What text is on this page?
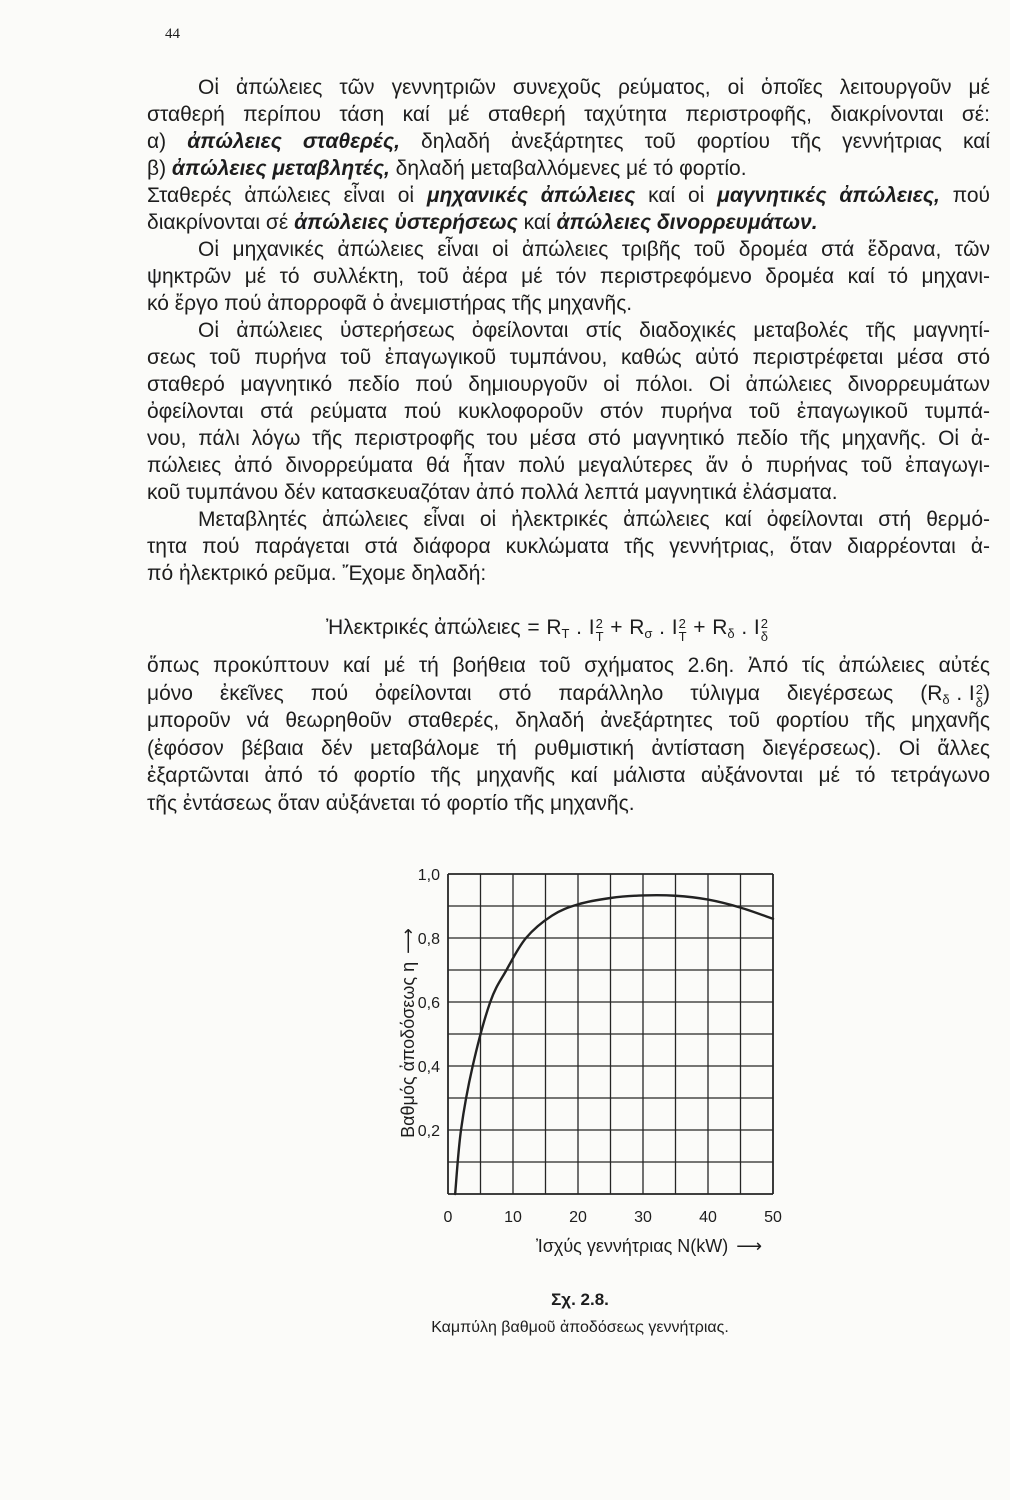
44
Οἱ ἀπώλειες τῶν γεννητριῶν συνεχοῦς ρεύματος, οἱ ὁποῖες λειτουργοῦν μέ
σταθερή περίπου τάση καί μέ σταθερή ταχύτητα περιστροφῆς, διακρίνονται σέ:
α) ἀπώλειες σταθερές, δηλαδή ἀνεξάρτητες τοῦ φορτίου τῆς γεννήτριας καί
β) ἀπώλειες μεταβλητές, δηλαδή μεταβαλλόμενες μέ τό φορτίο.
Σταθερές ἀπώλειες εἶναι οἱ μηχανικές ἀπώλειες καί οἱ μαγνητικές ἀπώλειες, πού
διακρίνονται σέ ἀπώλειες ὑστερήσεως καί ἀπώλειες δινορρευμάτων.
Οἱ μηχανικές ἀπώλειες εἶναι οἱ ἀπώλειες τριβῆς τοῦ δρομέα στά ἕδρανα, τῶν
ψηκτρῶν μέ τό συλλέκτη, τοῦ ἀέρα μέ τόν περιστρεφόμενο δρομέα καί τό μηχανι-
κό ἔργο πού ἀπορροφᾶ ὁ ἀνεμιστήρας τῆς μηχανῆς.
Οἱ ἀπώλειες ὑστερήσεως ὀφείλονται στίς διαδοχικές μεταβολές τῆς μαγνητί-
σεως τοῦ πυρήνα τοῦ ἐπαγωγικοῦ τυμπάνου, καθώς αὐτό περιστρέφεται μέσα στό
σταθερό μαγνητικό πεδίο πού δημιουργοῦν οἱ πόλοι. Οἱ ἀπώλειες δινορρευμάτων
ὀφείλονται στά ρεύματα πού κυκλοφοροῦν στόν πυρήνα τοῦ ἐπαγωγικοῦ τυμπά-
νου, πάλι λόγω τῆς περιστροφῆς του μέσα στό μαγνητικό πεδίο τῆς μηχανῆς. Οἱ ἀ-
πώλειες ἀπό δινορρεύματα θά ἦταν πολύ μεγαλύτερες ἄν ὁ πυρήνας τοῦ ἐπαγωγι-
κοῦ τυμπάνου δέν κατασκευαζόταν ἀπό πολλά λεπτά μαγνητικά ἐλάσματα.
Μεταβλητές ἀπώλειες εἶναι οἱ ἠλεκτρικές ἀπώλειες καί ὀφείλονται στή θερμό-
τητα πού παράγεται στά διάφορα κυκλώματα τῆς γεννήτριας, ὅταν διαρρέονται ἀ-
πό ἠλεκτρικό ρεῦμα. Ἔχομε δηλαδή:
Ἠλεκτρικές ἀπώλειες = $R_T$ . I 2
$T + R_\sigma$ . I 2
$T + R_\delta$ . I 2
δ
ὅπως προκύπτουν καί μέ τή βοήθεια τοῦ σχήματος 2.6η. Ἀπό τίς ἀπώλειες αὐτές
μόνο ἐκεῖνες πού ὀφείλονται στό παράλληλο τύλιγμα διεγέρσεως ($R_\delta$ . I 2
δ )
μποροῦν νά θεωρηθοῦν σταθερές, δηλαδή ἀνεξάρτητες τοῦ φορτίου τῆς μηχανῆς
(ἐφόσον βέβαια δέν μεταβάλομε τή ρυθμιστική ἀντίσταση διεγέρσεως). Οἱ ἄλλες
ἐξαρτῶνται ἀπό τό φορτίο τῆς μηχανῆς καί μάλιστα αὐξάνονται μέ τό τετράγωνο
τῆς ἐντάσεως ὅταν αὐξάνεται τό φορτίο τῆς μηχανῆς.
0,2
0,4
0,6
0,8
1,0
0	10	20	30	40	50
Βαθμός ἀποδόσεως η⟶
Ἰσχύς γεννήτριας N(kW) ⟶
Σχ. 2.8.
Καμπύλη βαθμοῦ ἀποδόσεως γεννήτριας.
